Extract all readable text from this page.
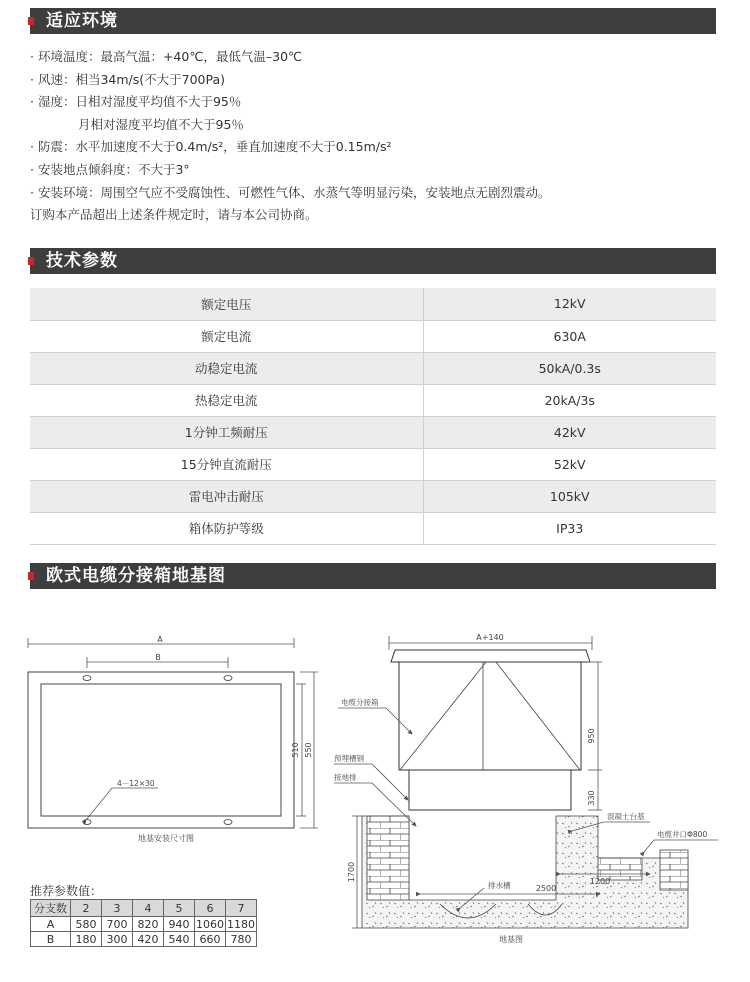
适应环境
· 环境温度：最高气温：+40℃，最低气温–30℃
· 风速：相当34m/s(不大于700Pa)
· 湿度：日相对湿度平均值不大于95％
月相对湿度平均值不大于95％
· 防震：水平加速度不大于0.4m/s²，垂直加速度不大于0.15m/s²
· 安装地点倾斜度：不大于3°
· 安装环境：周围空气应不受腐蚀性、可燃性气体、水蒸气等明显污染，安装地点无剧烈震动。
订购本产品超出上述条件规定时，请与本公司协商。
技术参数
额定电压	12kV
额定电流	630A
动稳定电流	50kA/0.3s
热稳定电流	20kA/3s
1分钟工频耐压	42kV
15分钟直流耐压	52kV
雷电冲击耐压	105kV
箱体防护等级	IP33
欧式电缆分接箱地基图
A
B
4－12×30
510 550
地基安装尺寸图
A+140
950
330
1700	1200
2500
电缆分接箱
预埋槽钢
接地排
混凝土台基
电缆井口Φ800
排水槽
地基图
推荐参数值：
分支数	2	3	4	5	6	7
A	580	700	820	940	1060	1180
B	180	300	420	540	660	780
